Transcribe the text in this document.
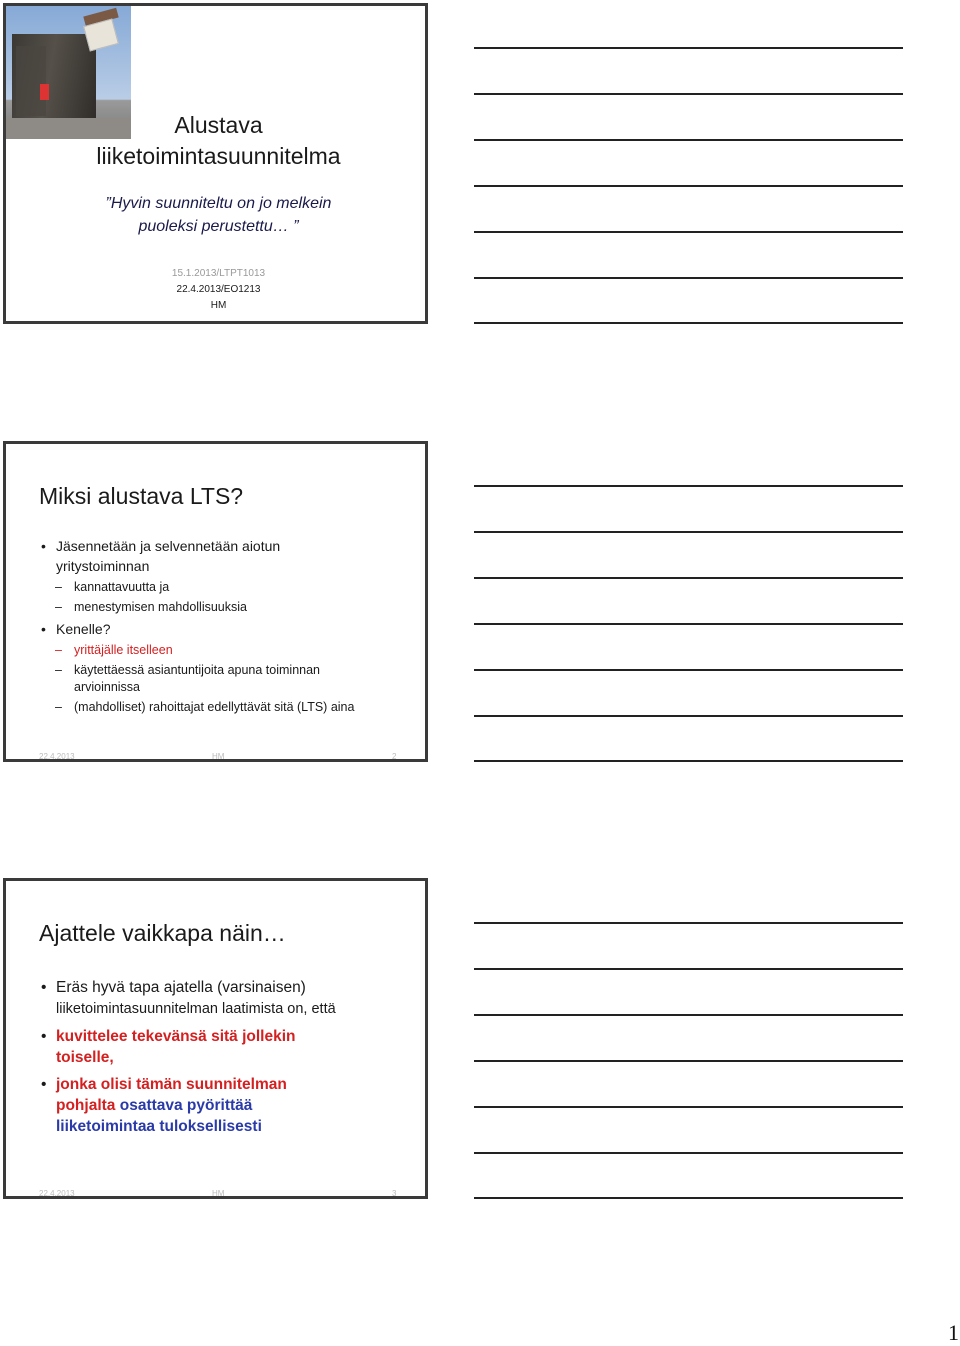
Alustava
liiketoimintasuunnitelma
”Hyvin suunniteltu on jo melkein
puoleksi perustettu… ”
15.1.2013/LTPT1013
22.4.2013/EO1213
HM
Miksi alustava LTS?
• Jäsennetään ja selvennetään aiotun
yritystoiminnan
– kannattavuutta ja
– menestymisen mahdollisuuksia
• Kenelle?
– yrittäjälle itselleen
– käytettäessä asiantuntijoita apuna toiminnan
arvioinnissa
– (mahdolliset) rahoittajat edellyttävät sitä (LTS) aina
22.4.2013	HM	2
Ajattele vaikkapa näin…
• Eräs hyvä tapa ajatella (varsinaisen)
liiketoimintasuunnitelman laatimista on, että
• kuvittelee tekevänsä sitä jollekin
toiselle,
• jonka olisi tämän suunnitelman
pohjalta osattava pyörittää
liiketoimintaa tuloksellisesti
22.4.2013	HM	3
1
